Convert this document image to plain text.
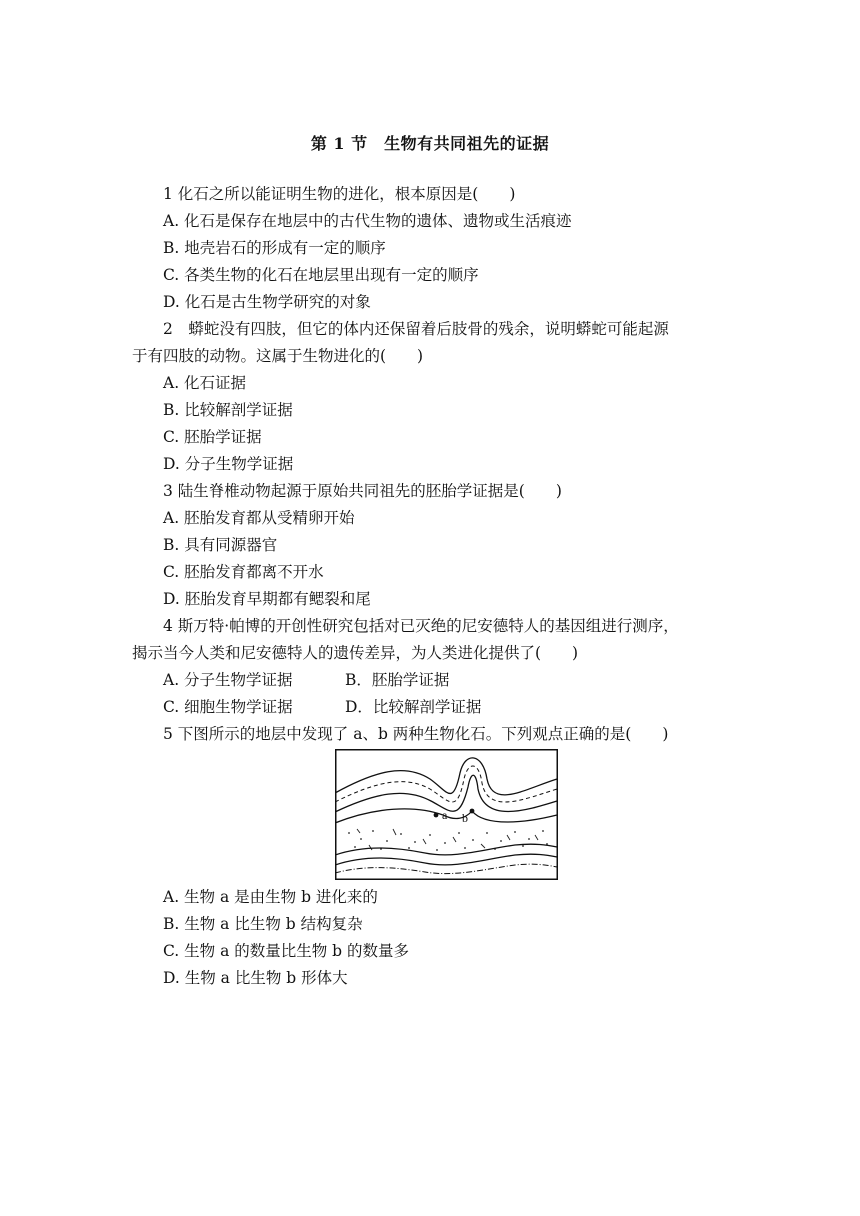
第 1 节　生物有共同祖先的证据
1 化石之所以能证明生物的进化，根本原因是(　　)
A. 化石是保存在地层中的古代生物的遗体、遗物或生活痕迹
B. 地壳岩石的形成有一定的顺序
C. 各类生物的化石在地层里出现有一定的顺序
D. 化石是古生物学研究的对象
2　蟒蛇没有四肢，但它的体内还保留着后肢骨的残余，说明蟒蛇可能起源
于有四肢的动物。这属于生物进化的(　　)
A. 化石证据
B. 比较解剖学证据
C. 胚胎学证据
D. 分子生物学证据
3 陆生脊椎动物起源于原始共同祖先的胚胎学证据是(　　)
A. 胚胎发育都从受精卵开始
B. 具有同源器官
C. 胚胎发育都离不开水
D. 胚胎发育早期都有鳃裂和尾
4 斯万特·帕博的开创性研究包括对已灭绝的尼安德特人的基因组进行测序，
揭示当今人类和尼安德特人的遗传差异，为人类进化提供了(　　)
A. 分子生物学证据	B．胚胎学证据
C. 细胞生物学证据	D．比较解剖学证据
5 下图所示的地层中发现了 a、b 两种生物化石。下列观点正确的是(　　)
a b
A. 生物 a 是由生物 b 进化来的
B. 生物 a 比生物 b 结构复杂
C. 生物 a 的数量比生物 b 的数量多
D. 生物 a 比生物 b 形体大
